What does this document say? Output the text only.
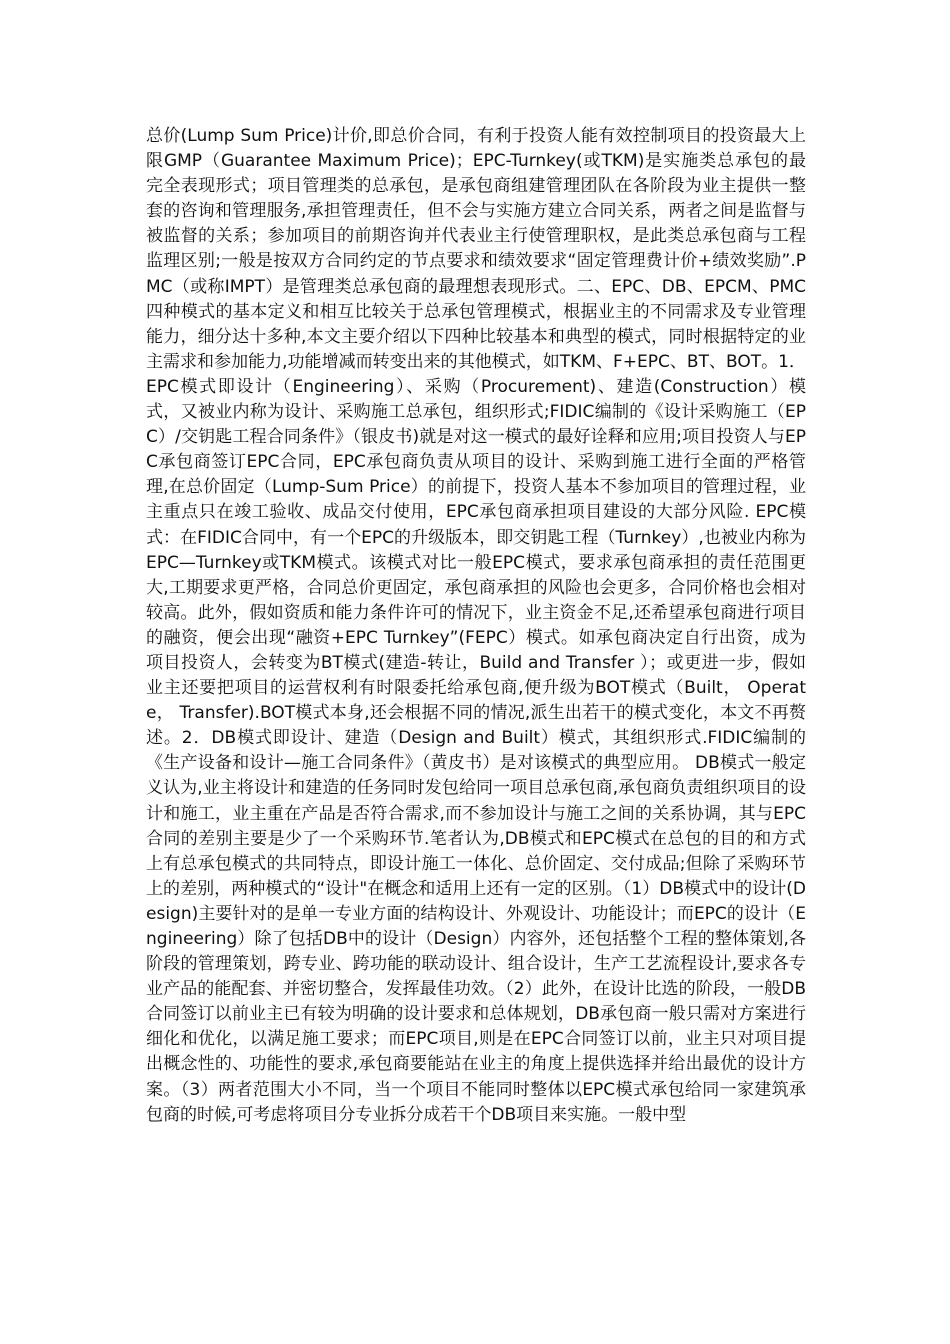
总价(Lump Sum Price)计价,即总价合同，有利于投资人能有效控制项目的投资最大上限GMP（Guarantee Maximum Price)；EPC-Turnkey(或TKM)是实施类总承包的最完全表现形式；项目管理类的总承包，是承包商组建管理团队在各阶段为业主提供一整套的咨询和管理服务,承担管理责任，但不会与实施方建立合同关系，两者之间是监督与被监督的关系；参加项目的前期咨询并代表业主行使管理职权，是此类总承包商与工程监理区别;一般是按双方合同约定的节点要求和绩效要求“固定管理费计价+绩效奖励”.PMC（或称IMPT）是管理类总承包商的最理想表现形式。二、EPC、DB、EPCM、PMC四种模式的基本定义和相互比较关于总承包管理模式，根据业主的不同需求及专业管理能力，细分达十多种,本文主要介绍以下四种比较基本和典型的模式，同时根据特定的业主需求和参加能力,功能增减而转变出来的其他模式，如TKM、F+EPC、BT、BOT。1．EPC模式即设计（Engineering）、采购（Procurement)、建造(Construction）模式，又被业内称为设计、采购施工总承包，组织形式;FIDIC编制的《设计采购施工（EPC）/交钥匙工程合同条件》（银皮书)就是对这一模式的最好诠释和应用;项目投资人与EPC承包商签订EPC合同，EPC承包商负责从项目的设计、采购到施工进行全面的严格管理,在总价固定（Lump-Sum Price）的前提下，投资人基本不参加项目的管理过程，业主重点只在竣工验收、成品交付使用，EPC承包商承担项目建设的大部分风险. EPC模式：在FIDIC合同中，有一个EPC的升级版本，即交钥匙工程（Turnkey）,也被业内称为EPC—Turnkey或TKM模式。该模式对比一般EPC模式，要求承包商承担的责任范围更大,工期要求更严格，合同总价更固定，承包商承担的风险也会更多，合同价格也会相对较高。此外，假如资质和能力条件许可的情况下，业主资金不足,还希望承包商进行项目的融资，便会出现“融资+EPC Turnkey”(FEPC）模式。如承包商决定自行出资，成为项目投资人，会转变为BT模式(建造-转让，Build and Transfer ）；或更进一步，假如业主还要把项目的运营权利有时限委托给承包商,便升级为BOT模式（Built， Operate， Transfer).BOT模式本身,还会根据不同的情况,派生出若干的模式变化，本文不再赘述。2．DB模式即设计、建造（Design and Built）模式，其组织形式.FIDIC编制的《生产设备和设计—施工合同条件》（黄皮书）是对该模式的典型应用。 DB模式一般定义认为,业主将设计和建造的任务同时发包给同一项目总承包商,承包商负责组织项目的设计和施工，业主重在产品是否符合需求,而不参加设计与施工之间的关系协调，其与EPC合同的差别主要是少了一个采购环节.笔者认为,DB模式和EPC模式在总包的目的和方式上有总承包模式的共同特点，即设计施工一体化、总价固定、交付成品;但除了采购环节上的差别，两种模式的“设计"在概念和适用上还有一定的区别。（1）DB模式中的设计(Design)主要针对的是单一专业方面的结构设计、外观设计、功能设计；而EPC的设计（Engineering）除了包括DB中的设计（Design）内容外，还包括整个工程的整体策划,各阶段的管理策划，跨专业、跨功能的联动设计、组合设计，生产工艺流程设计,要求各专业产品的能配套、并密切整合，发挥最佳功效。（2）此外，在设计比选的阶段，一般DB合同签订以前业主已有较为明确的设计要求和总体规划，DB承包商一般只需对方案进行细化和优化，以满足施工要求；而EPC项目,则是在EPC合同签订以前，业主只对项目提出概念性的、功能性的要求,承包商要能站在业主的角度上提供选择并给出最优的设计方案。（3）两者范围大小不同，当一个项目不能同时整体以EPC模式承包给同一家建筑承包商的时候,可考虑将项目分专业拆分成若干个DB项目来实施。一般中型
